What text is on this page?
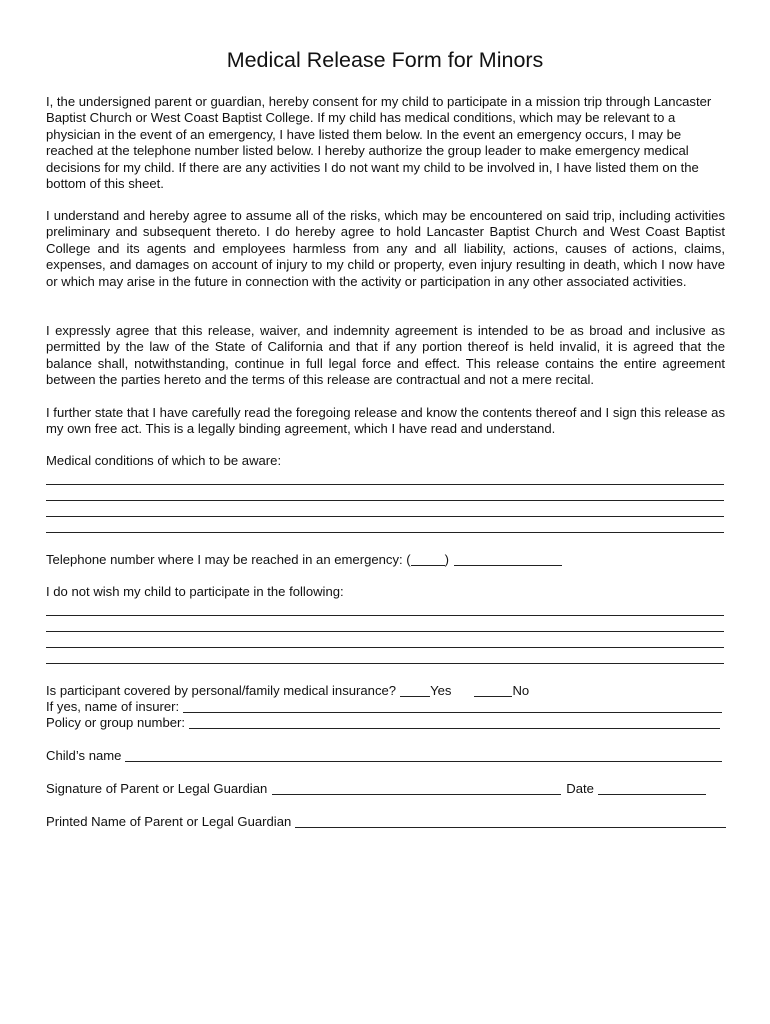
Medical Release Form for Minors

I, the undersigned parent or guardian, hereby consent for my child to participate in a mission trip through Lancaster Baptist Church or West Coast Baptist College. If my child has medical conditions, which may be relevant to a physician in the event of an emergency, I have listed them below. In the event an emergency occurs, I may be reached at the telephone number listed below. I hereby authorize the group leader to make emergency medical decisions for my child. If there are any activities I do not want my child to be involved in, I have listed them on the bottom of this sheet.

I understand and hereby agree to assume all of the risks, which may be encountered on said trip, including activities preliminary and subsequent thereto. I do hereby agree to hold Lancaster Baptist Church and West Coast Baptist College and its agents and employees harmless from any and all liability, actions, causes of actions, claims, expenses, and damages on account of injury to my child or property, even injury resulting in death, which I now have or which may arise in the future in connection with the activity or participation in any other associated activities.

I expressly agree that this release, waiver, and indemnity agreement is intended to be as broad and inclusive as permitted by the law of the State of California and that if any portion thereof is held invalid, it is agreed that the balance shall, notwithstanding, continue in full legal force and effect. This release contains the entire agreement between the parties hereto and the terms of this release are contractual and not a mere recital.

I further state that I have carefully read the foregoing release and know the contents thereof and I sign this release as my own free act. This is a legally binding agreement, which I have read and understand.

Medical conditions of which to be aware:

Telephone number where I may be reached in an emergency: (	)

I do not wish my child to participate in the following:

Is participant covered by personal/family medical insurance?	Yes	No
If yes, name of insurer:
Policy or group number:
Child’s name
Signature of Parent or Legal Guardian	Date
Printed Name of Parent or Legal Guardian
